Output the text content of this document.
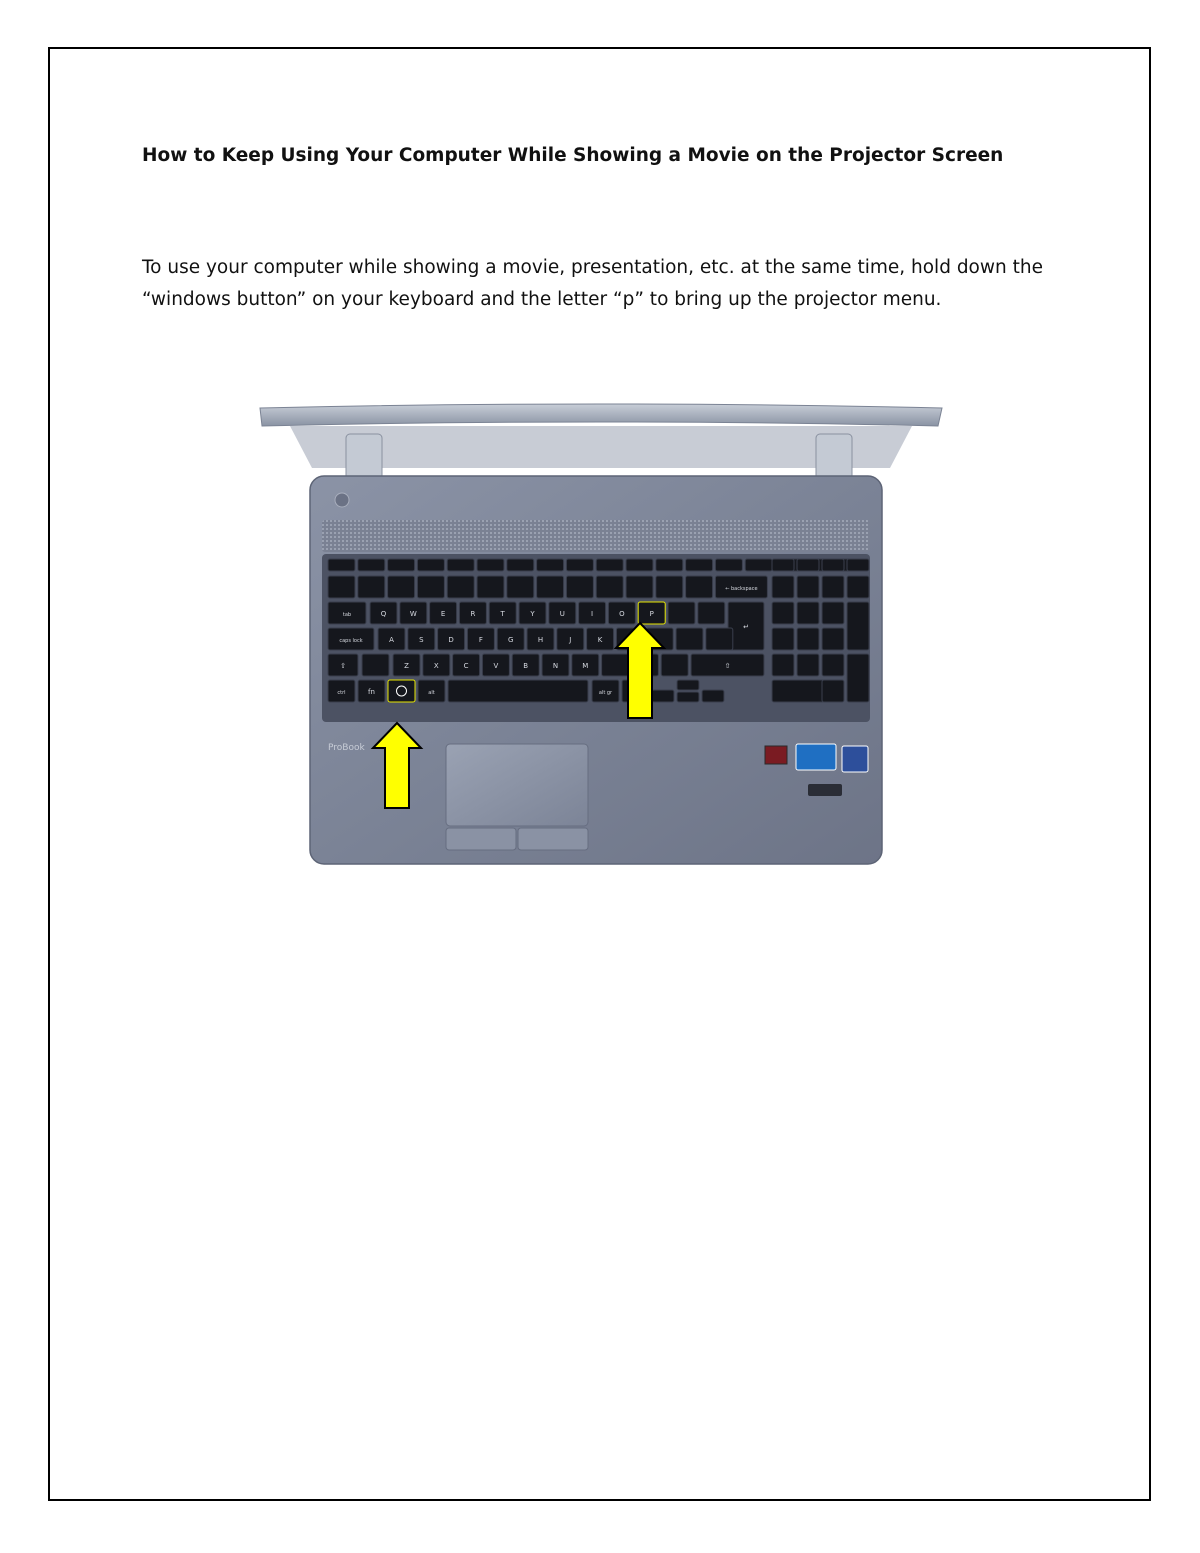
How to Keep Using Your Computer While Showing a Movie on the Projector Screen

To use your computer while showing a movie, presentation, etc. at the same time, hold down the “windows button” on your keyboard and the letter “p” to bring up the projector menu.

← backspace
tab	Q	W	E	R	T	Y	U	I	O	P
↵
caps lock	A	S	D	F	G	H	J	K
⇧	Z	X	C	V	B	N	M	⇧
ctrl	fn	alt	alt gr
ProBook
